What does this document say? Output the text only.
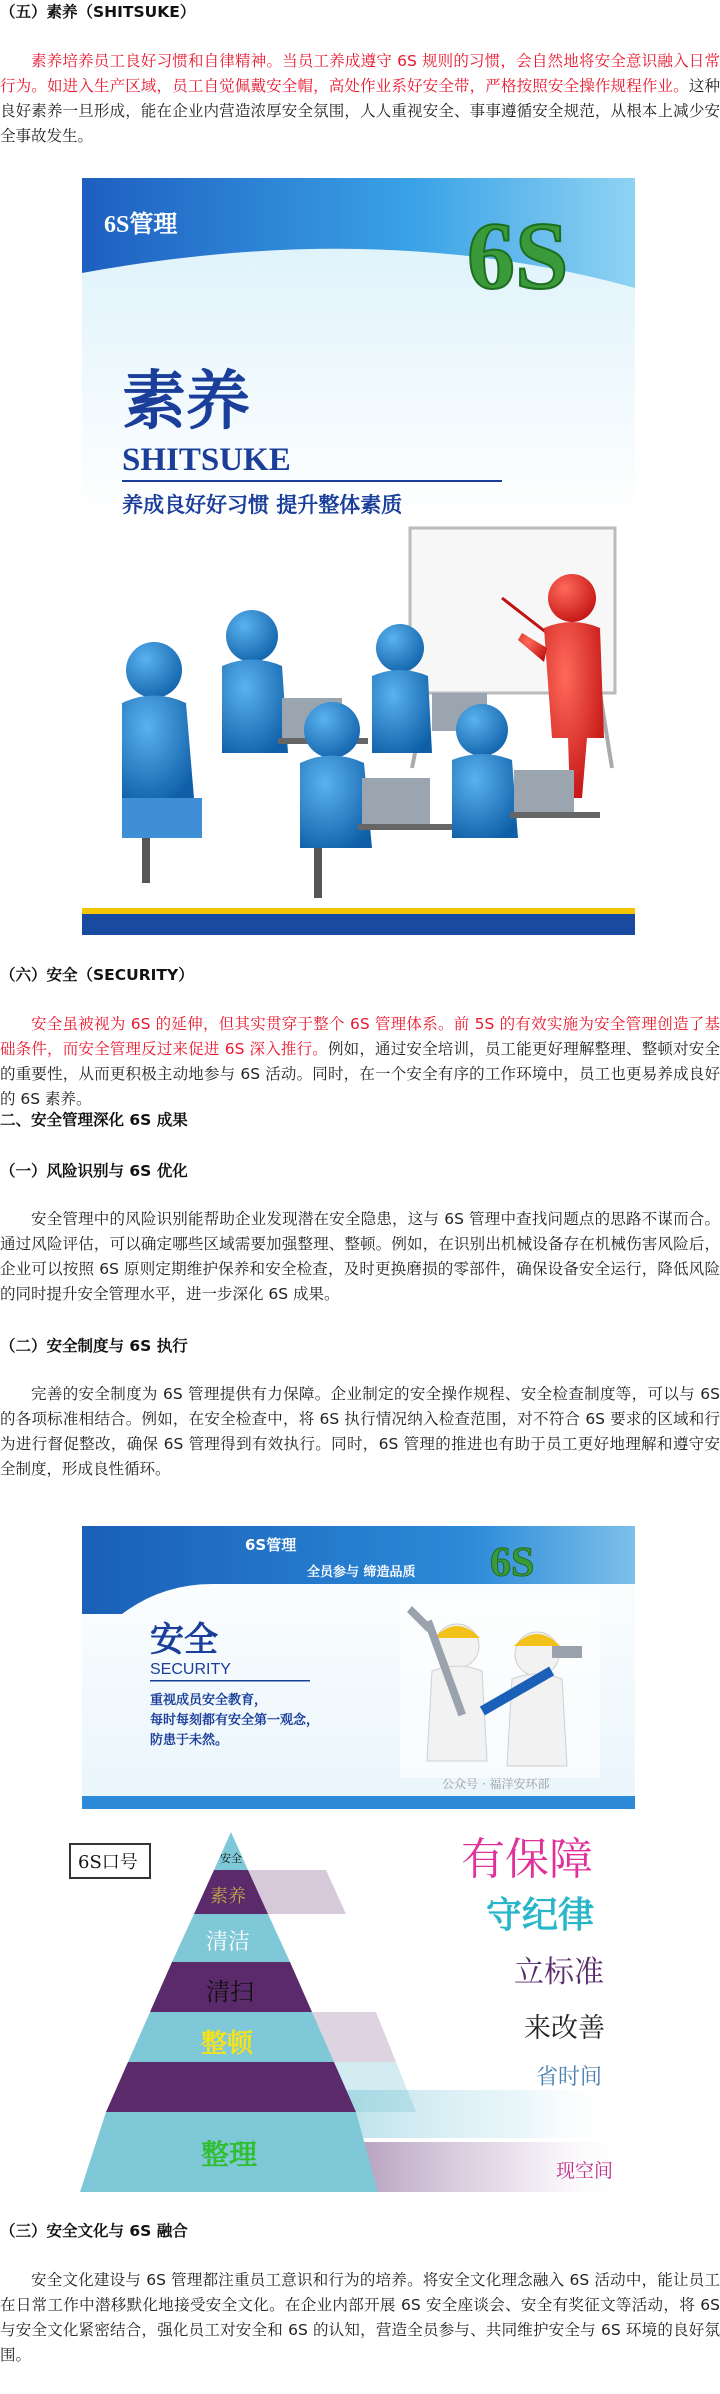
（五）素养（SHITSUKE）
素养培养员工良好习惯和自律精神。当员工养成遵守 6S 规则的习惯，会自然地将安全意识融入日常行为。如进入生产区域，员工自觉佩戴安全帽，高处作业系好安全带，严格按照安全操作规程作业。这种良好素养一旦形成，能在企业内营造浓厚安全氛围，人人重视安全、事事遵循安全规范，从根本上减少安全事故发生。
6S管理	6S
素养
SHITSUKE
养成良好好习惯 提升整体素质
（六）安全（SECURITY）
安全虽被视为 6S 的延伸，但其实贯穿于整个 6S 管理体系。前 5S 的有效实施为安全管理创造了基础条件，而安全管理反过来促进 6S 深入推行。例如，通过安全培训，员工能更好理解整理、整顿对安全的重要性，从而更积极主动地参与 6S 活动。同时，在一个安全有序的工作环境中，员工也更易养成良好的 6S 素养。
二、安全管理深化 6S 成果
（一）风险识别与 6S 优化
安全管理中的风险识别能帮助企业发现潜在安全隐患，这与 6S 管理中查找问题点的思路不谋而合。通过风险评估，可以确定哪些区域需要加强整理、整顿。例如，在识别出机械设备存在机械伤害风险后，企业可以按照 6S 原则定期维护保养和安全检查，及时更换磨损的零部件，确保设备安全运行，降低风险的同时提升安全管理水平，进一步深化 6S 成果。
（二）安全制度与 6S 执行
完善的安全制度为 6S 管理提供有力保障。企业制定的安全操作规程、安全检查制度等，可以与 6S 的各项标准相结合。例如，在安全检查中，将 6S 执行情况纳入检查范围，对不符合 6S 要求的区域和行为进行督促整改，确保 6S 管理得到有效执行。同时，6S 管理的推进也有助于员工更好地理解和遵守安全制度，形成良性循环。
6S管理
全员参与 缔造品质 6S
安全
SECURITY
重视成员安全教育，
每时每刻都有安全第一观念，
防患于未然。
公众号 · 福洋安环部
6S口号	安全
素养
清洁
清扫
整顿
整理
有保障
守纪律
立标准
来改善
省时间
现空间
（三）安全文化与 6S 融合
安全文化建设与 6S 管理都注重员工意识和行为的培养。将安全文化理念融入 6S 活动中，能让员工在日常工作中潜移默化地接受安全文化。在企业内部开展 6S 安全座谈会、安全有奖征文等活动，将 6S 与安全文化紧密结合，强化员工对安全和 6S 的认知，营造全员参与、共同维护安全与 6S 环境的良好氛围。
